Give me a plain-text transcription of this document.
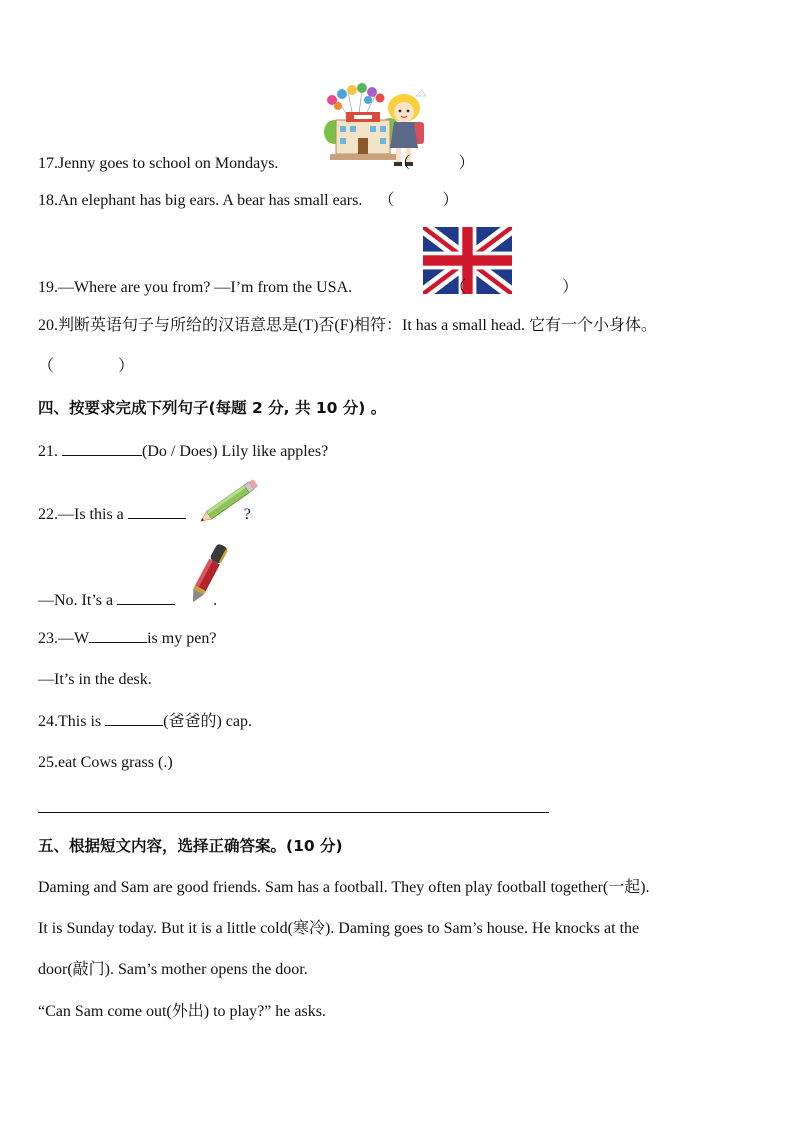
17.Jenny goes to school on Mondays.	（　　　）
18.An elephant has big ears. A bear has small ears. （　　　）
19.—Where are you from? —I’m from the USA.	（　　　　　　）
20.判断英语句子与所给的汉语意思是(T)否(F)相符：It has a small head. 它有一个小身体。
（　　　　）
四、按要求完成下列句子(每题 2 分, 共 10 分) 。
21.	(Do / Does) Lily like apples?
22.—Is this a	?
—No. It’s a	.
23.—W	is my pen?
—It’s in the desk.
24.This is	(爸爸的) cap.
25.eat Cows grass (.)
五、根据短文内容，选择正确答案。(10 分)
Daming and Sam are good friends. Sam has a football. They often play football together(一起).
It is Sunday today. But it is a little cold(寒冷). Daming goes to Sam’s house. He knocks at the
door(敲门). Sam’s mother opens the door.
“Can Sam come out(外出) to play?” he asks.
